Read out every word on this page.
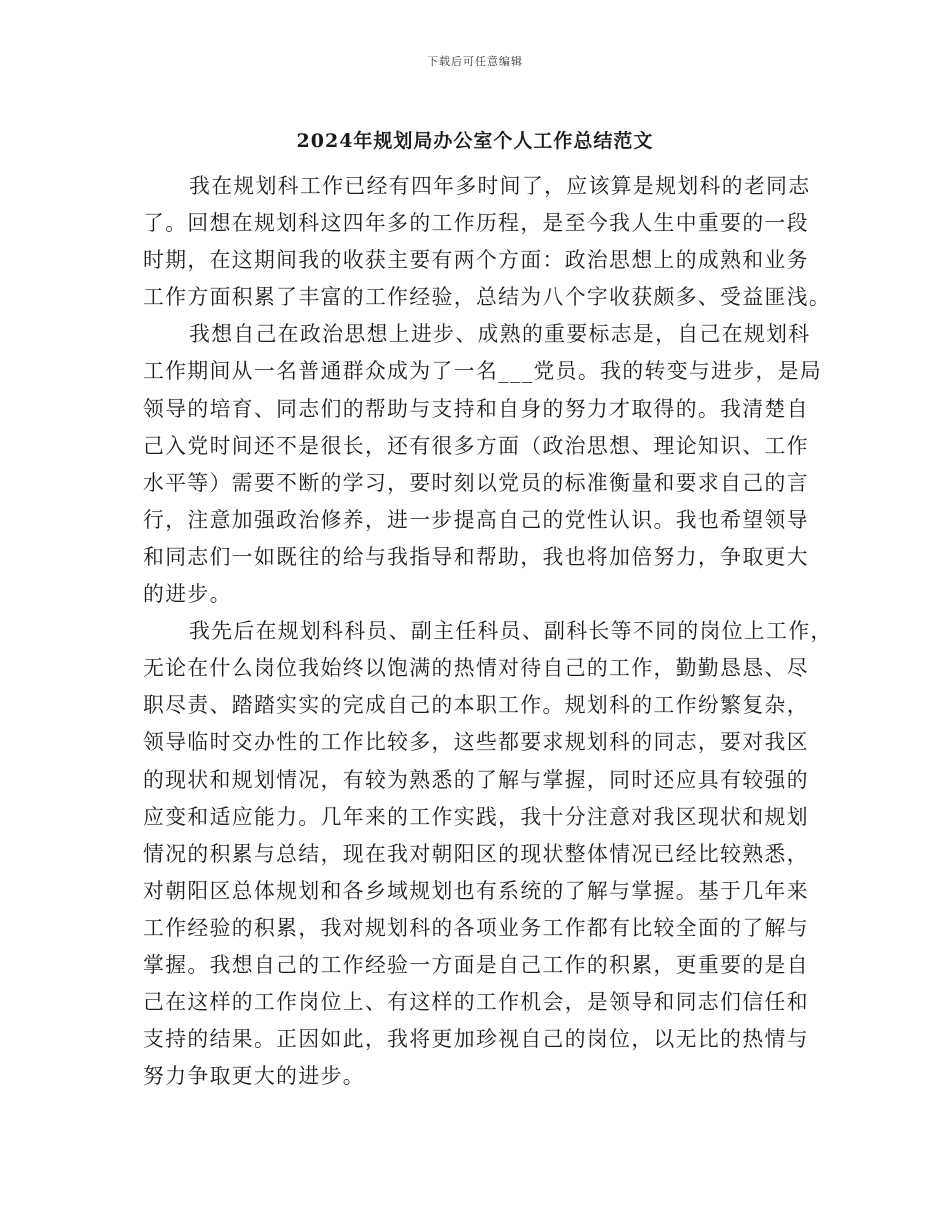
下载后可任意编辑
2024年规划局办公室个人工作总结范文
我在规划科工作已经有四年多时间了，应该算是规划科的老同志
了。回想在规划科这四年多的工作历程，是至今我人生中重要的一段
时期，在这期间我的收获主要有两个方面：政治思想上的成熟和业务
工作方面积累了丰富的工作经验，总结为八个字收获颇多、受益匪浅。
我想自己在政治思想上进步、成熟的重要标志是，自己在规划科
工作期间从一名普通群众成为了一名___党员。我的转变与进步，是局
领导的培育、同志们的帮助与支持和自身的努力才取得的。我清楚自
己入党时间还不是很长，还有很多方面（政治思想、理论知识、工作
水平等）需要不断的学习，要时刻以党员的标准衡量和要求自己的言
行，注意加强政治修养，进一步提高自己的党性认识。我也希望领导
和同志们一如既往的给与我指导和帮助，我也将加倍努力，争取更大
的进步。
我先后在规划科科员、副主任科员、副科长等不同的岗位上工作，
无论在什么岗位我始终以饱满的热情对待自己的工作，勤勤恳恳、尽
职尽责、踏踏实实的完成自己的本职工作。规划科的工作纷繁复杂，
领导临时交办性的工作比较多，这些都要求规划科的同志，要对我区
的现状和规划情况，有较为熟悉的了解与掌握，同时还应具有较强的
应变和适应能力。几年来的工作实践，我十分注意对我区现状和规划
情况的积累与总结，现在我对朝阳区的现状整体情况已经比较熟悉，
对朝阳区总体规划和各乡域规划也有系统的了解与掌握。基于几年来
工作经验的积累，我对规划科的各项业务工作都有比较全面的了解与
掌握。我想自己的工作经验一方面是自己工作的积累，更重要的是自
己在这样的工作岗位上、有这样的工作机会，是领导和同志们信任和
支持的结果。正因如此，我将更加珍视自己的岗位，以无比的热情与
努力争取更大的进步。
